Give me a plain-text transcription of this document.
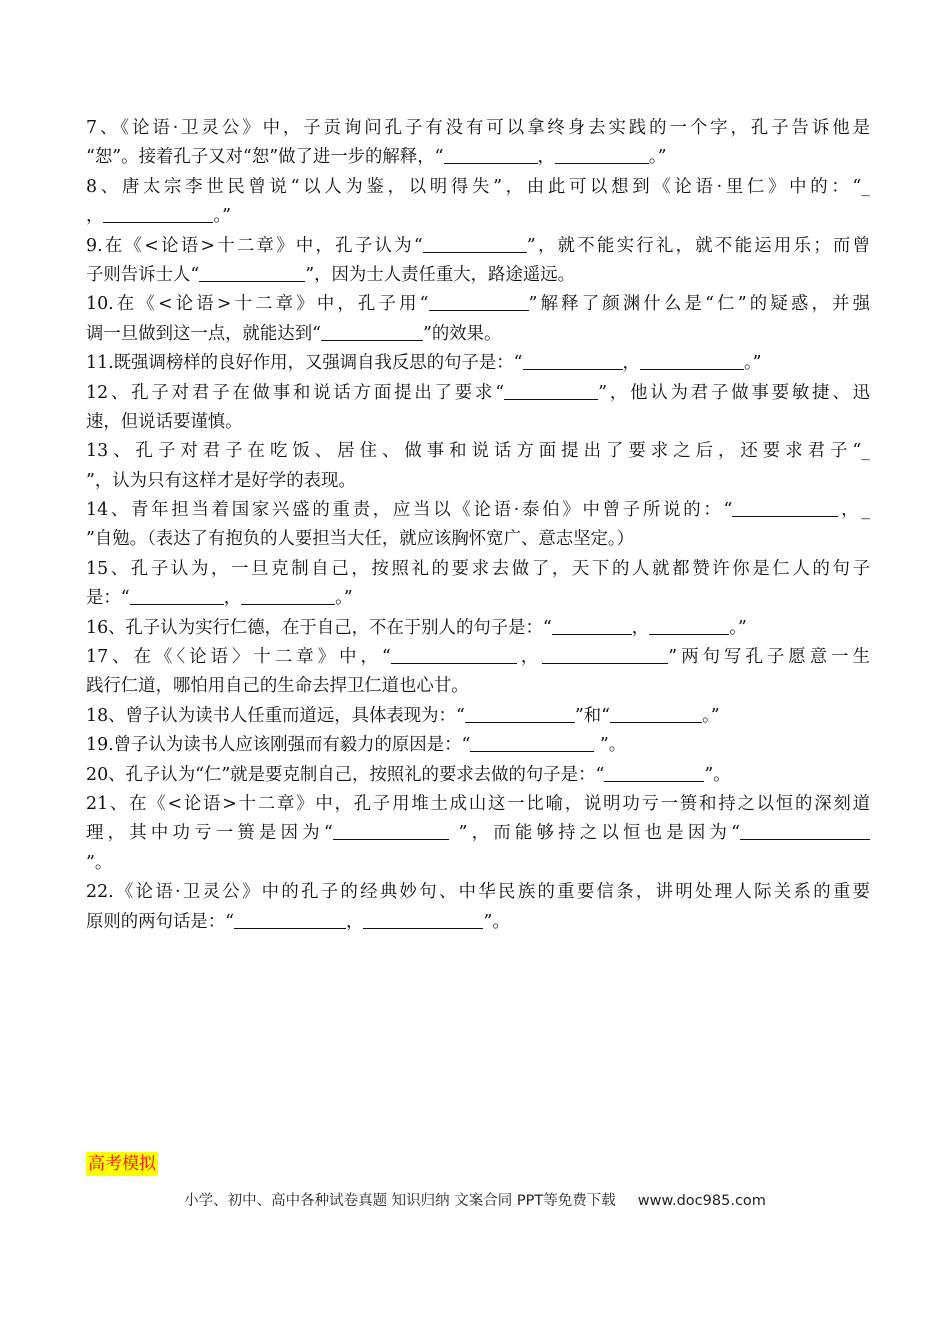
7、《论语·卫灵公》中，子贡询问孔子有没有可以拿终身去实践的一个字，孔子告诉他是
“恕”。接着孔子又对“恕”做了进一步的解释，“	，	。”
8、唐太宗李世民曾说“以人为鉴，以明得失”，由此可以想到《论语·里仁》中的：“_
，	。”
9.在《<论语>十二章》中，孔子认为“	”，就不能实行礼，就不能运用乐；而曾
子则告诉士人“	”，因为士人责任重大，路途遥远。
10.在《<论语>十二章》中，孔子用“	”解释了颜渊什么是“仁”的疑惑，并强
调一旦做到这一点，就能达到“	”的效果。
11.既强调榜样的良好作用，又强调自我反思的句子是：“	，	。”
12、孔子对君子在做事和说话方面提出了要求“	”，他认为君子做事要敏捷、迅
速，但说话要谨慎。
13、孔子对君子在吃饭、居住、做事和说话方面提出了要求之后，还要求君子“_
”，认为只有这样才是好学的表现。
14、青年担当着国家兴盛的重责，应当以《论语·泰伯》中曾子所说的：“	，_
”自勉。（表达了有抱负的人要担当大任，就应该胸怀宽广、意志坚定。）
15、孔子认为，一旦克制自己，按照礼的要求去做了，天下的人就都赞许你是仁人的句子
是：“	，	。”
16、孔子认为实行仁德，在于自己，不在于别人的句子是：“	，	。”
17、在《〈论语〉十二章》中，“	，	”两句写孔子愿意一生
践行仁道，哪怕用自己的生命去捍卫仁道也心甘。
18、曾子认为读书人任重而道远，具体表现为：“	”和“	。”
19.曾子认为读书人应该刚强而有毅力的原因是：“	”。
20、孔子认为“仁”就是要克制自己，按照礼的要求去做的句子是：“	”。
21、在《<论语>十二章》中，孔子用堆土成山这一比喻，说明功亏一篑和持之以恒的深刻道
理，其中功亏一篑是因为“	”，而能够持之以恒也是因为“
”。
22.《论语·卫灵公》中的孔子的经典妙句、中华民族的重要信条，讲明处理人际关系的重要
原则的两句话是：“	，	”。
高考模拟
小学、初中、高中各种试卷真题 知识归纳 文案合同 PPT等免费下载 www.doc985.com
